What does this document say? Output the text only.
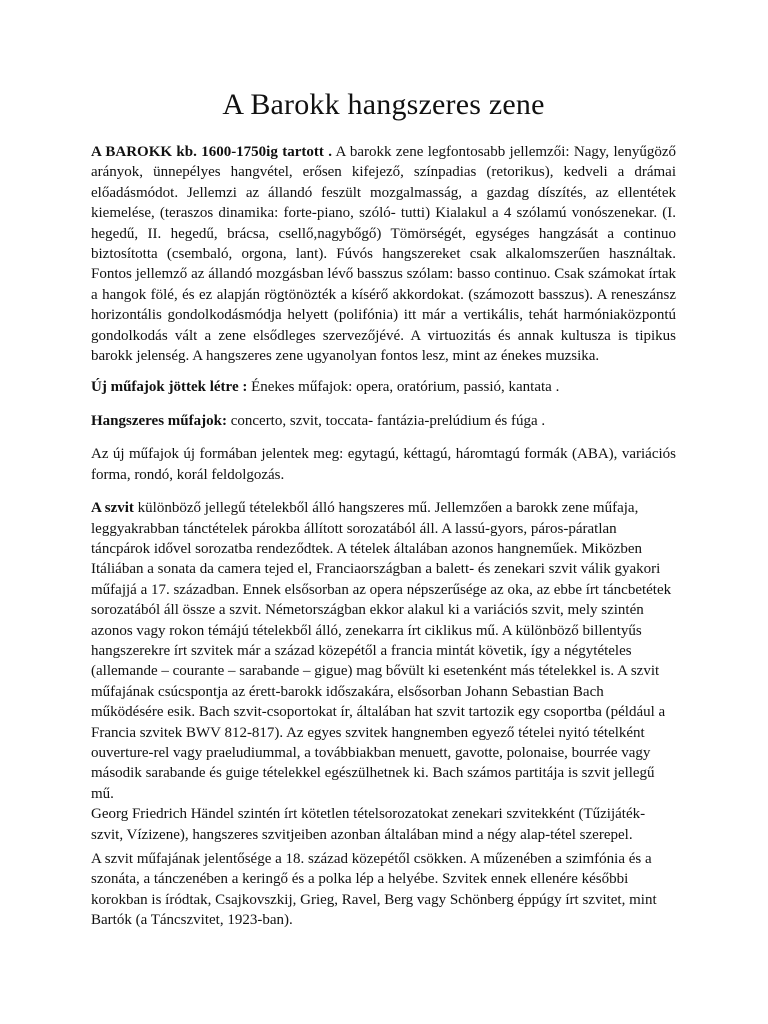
A Barokk hangszeres zene

A BAROKK kb. 1600-1750ig tartott . A barokk zene legfontosabb jellemzői: Nagy, lenyűgöző arányok, ünnepélyes hangvétel, erősen kifejező, színpadias (retorikus), kedveli a drámai előadásmódot. Jellemzi az állandó feszült mozgalmasság, a gazdag díszítés, az ellentétek kiemelése, (teraszos dinamika: forte-piano, szóló- tutti) Kialakul a 4 szólamú vonószenekar. (I. hegedű, II. hegedű, brácsa, csellő,nagybőgő) Tömörségét, egységes hangzását a continuo biztosította (csembaló, orgona, lant). Fúvós hangszereket csak alkalomszerűen használtak. Fontos jellemző az állandó mozgásban lévő basszus szólam: basso continuo. Csak számokat írtak a hangok fölé, és ez alapján rögtönözték a kísérő akkordokat. (számozott basszus). A reneszánsz horizontális gondolkodásmódja helyett (polifónia) itt már a vertikális, tehát harmóniaközpontú gondolkodás vált a zene elsődleges szervezőjévé. A virtuozitás és annak kultusza is tipikus barokk jelenség. A hangszeres zene ugyanolyan fontos lesz, mint az énekes muzsika.

Új műfajok jöttek létre : Énekes műfajok: opera, oratórium, passió, kantata .

Hangszeres műfajok: concerto, szvit, toccata- fantázia-prelúdium és fúga .

Az új műfajok új formában jelentek meg: egytagú, kéttagú, háromtagú formák (ABA), variációs forma, rondó, korál feldolgozás.

A szvit különböző jellegű tételekből álló hangszeres mű. Jellemzően a barokk zene műfaja, leggyakrabban tánctételek párokba állított sorozatából áll. A lassú-gyors, páros-páratlan táncpárok idővel sorozatba rendeződtek. A tételek általában azonos hangneműek. Miközben Itáliában a sonata da camera tejed el, Franciaországban a balett- és zenekari szvit válik gyakori műfajjá a 17. században. Ennek elsősorban az opera népszerűsége az oka, az ebbe írt táncbetétek sorozatából áll össze a szvit. Németországban ekkor alakul ki a variációs szvit, mely szintén azonos vagy rokon témájú tételekből álló, zenekarra írt ciklikus mű. A különböző billentyűs hangszerekre írt szvitek már a század közepétől a francia mintát követik, így a négytételes (allemande – courante – sarabande – gigue) mag bővült ki esetenként más tételekkel is. A szvit műfajának csúcspontja az érett-barokk időszakára, elsősorban Johann Sebastian Bach működésére esik. Bach szvit-csoportokat ír, általában hat szvit tartozik egy csoportba (például a Francia szvitek BWV 812-817). Az egyes szvitek hangnemben egyező tételei nyitó tételként ouverture-rel vagy praeludiummal, a továbbiakban menuett, gavotte, polonaise, bourrée vagy második sarabande és guige tételekkel egészülhetnek ki. Bach számos partitája is szvit jellegű mű.

Georg Friedrich Händel szintén írt kötetlen tételsorozatokat zenekari szvitekként (Tűzijáték-szvit, Vízizene), hangszeres szvitjeiben azonban általában mind a négy alap-tétel szerepel.

A szvit műfajának jelentősége a 18. század közepétől csökken. A műzenében a szimfónia és a szonáta, a tánczenében a keringő és a polka lép a helyébe. Szvitek ennek ellenére későbbi korokban is íródtak, Csajkovszkij, Grieg, Ravel, Berg vagy Schönberg éppúgy írt szvitet, mint Bartók (a Táncszvitet, 1923-ban).
